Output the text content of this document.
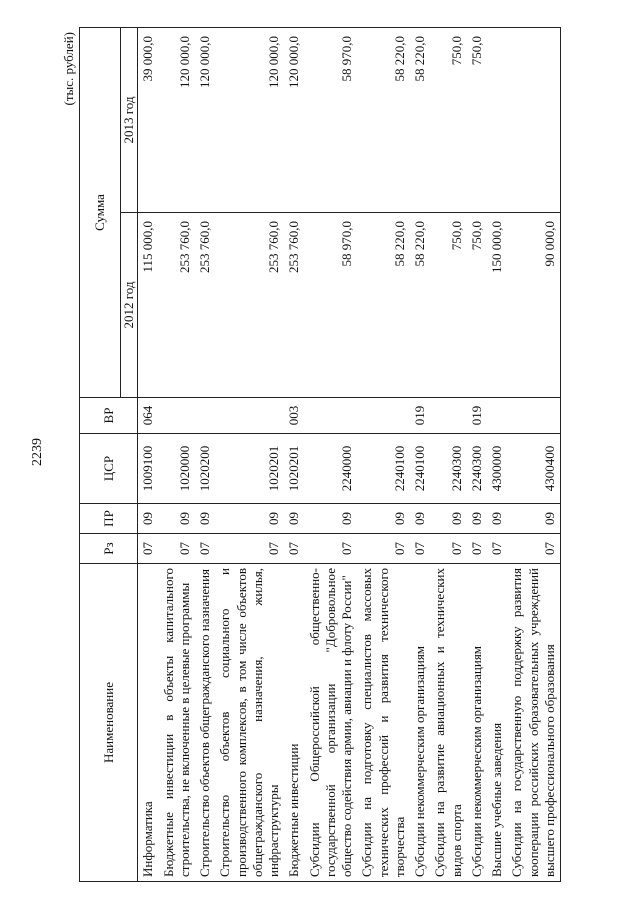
2239
(тыс. рублей)
Наименование	Рз	ПР	ЦСР	ВР	Сумма	
					2012 год	2013 год
Информатика	07	09	1009100	064	115 000,0	39 000,0
Бюджетные инвестиции в объекты капитального строительства, не включенные в целевые программы	07	09	1020000		253 760,0	120 000,0
Строительство объектов общегражданского назначения	07	09	1020200		253 760,0	120 000,0
Строительство объектов социального и производственного комплексов, в том числе объектов общегражданского назначения, жилья, инфраструктуры	07	09	1020201		253 760,0	120 000,0
Бюджетные инвестиции	07	09	1020201	003	253 760,0	120 000,0
Субсидии Общероссийской общественно-государственной организации "Добровольное общество содействия армии, авиации и флоту России"	07	09	2240000		58 970,0	58 970,0
Субсидии на подготовку специалистов массовых технических профессий и развития технического творчества	07	09	2240100		58 220,0	58 220,0
Субсидии некоммерческим организациям	07	09	2240100	019	58 220,0	58 220,0
Субсидии на развитие авиационных и технических видов спорта	07	09	2240300		750,0	750,0
Субсидии некоммерческим организациям	07	09	2240300	019	750,0	750,0
Высшие учебные заведения	07	09	4300000		150 000,0	
Субсидии на государственную поддержку развития кооперации российских образовательных учреждений высшего профессионального образования	07	09	4300400		90 000,0	
